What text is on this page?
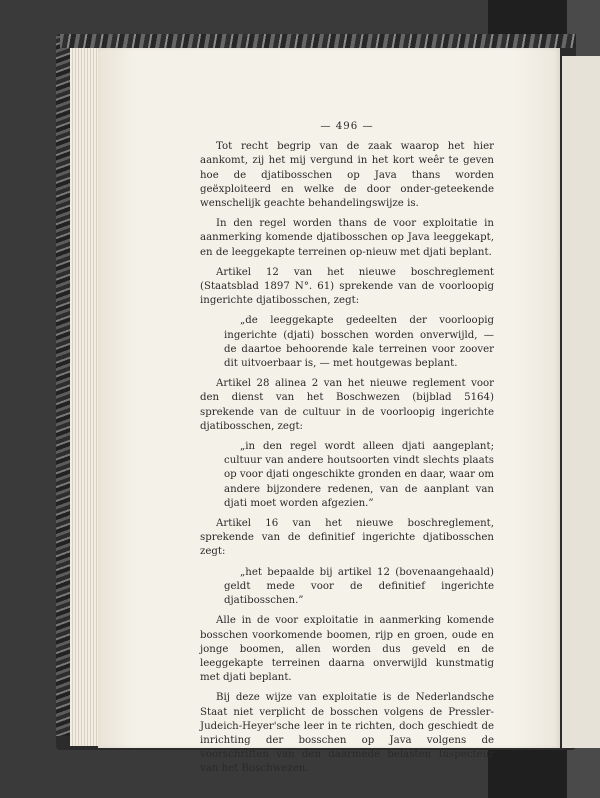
— 496 —

Tot recht begrip van de zaak waarop het hier aankomt, zij het mij vergund in het kort weêr te geven hoe de djatibosschen op Java thans worden geëxploiteerd en welke de door onder-geteekende wenschelijk geachte behandelingswijze is.

In den regel worden thans de voor exploitatie in aanmerking komende djatibosschen op Java leeggekapt, en de leeggekapte terreinen op-nieuw met djati beplant.

Artikel 12 van het nieuwe boschreglement (Staatsblad 1897 N°. 61) sprekende van de voorloopig ingerichte djatibosschen, zegt:

„de leeggekapte gedeelten der voorloopig ingerichte (djati) bosschen worden onverwijld, — de daartoe behoorende kale terreinen voor zoover dit uitvoerbaar is, — met houtgewas beplant.

Artikel 28 alinea 2 van het nieuwe reglement voor den dienst van het Boschwezen (bijblad 5164) sprekende van de cultuur in de voorloopig ingerichte djatibosschen, zegt:

„in den regel wordt alleen djati aangeplant; cultuur van andere houtsoorten vindt slechts plaats op voor djati ongeschikte gronden en daar, waar om andere bijzondere redenen, van de aanplant van djati moet worden afgezien.”

Artikel 16 van het nieuwe boschreglement, sprekende van de definitief ingerichte djatibosschen zegt:

„het bepaalde bij artikel 12 (bovenaangehaald) geldt mede voor de definitief ingerichte djatibosschen.”

Alle in de voor exploitatie in aanmerking komende bosschen voorkomende boomen, rijp en groen, oude en jonge boomen, allen worden dus geveld en de leeggekapte terreinen daarna onverwijld kunstmatig met djati beplant.

Bij deze wijze van exploitatie is de Nederlandsche Staat niet verplicht de bosschen volgens de Pressler-Judeich-Heyer'sche leer in te richten, doch geschiedt de inrichting der bosschen op Java volgens de voorschriften van den daarmede belasten Inspecteur van het Boschwezen.
